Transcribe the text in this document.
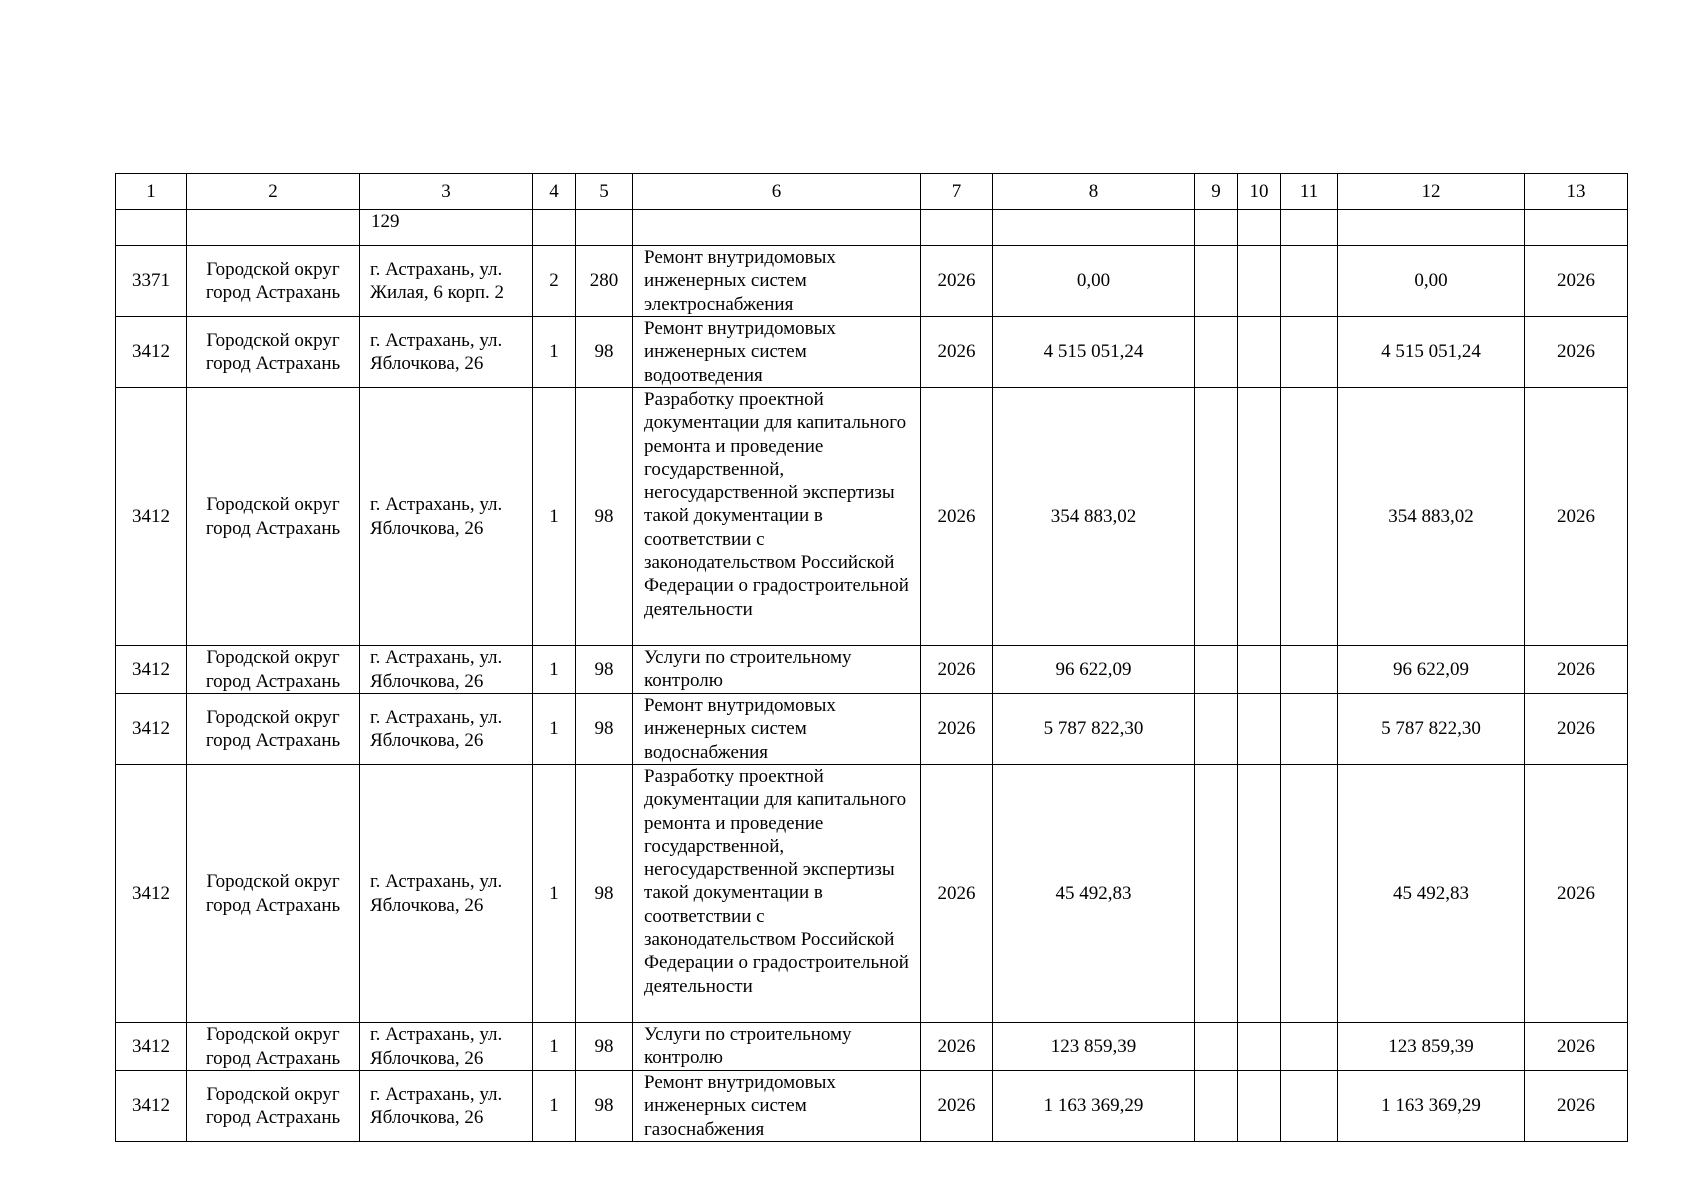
1	2	3	4	5	6	7	8	9	10	11	12	13
		129										
3371	Городской округ город Астрахань	г. Астрахань, ул. Жилая, 6 корп. 2	2	280	Ремонт внутридомовых инженерных систем электроснабжения	2026	0,00				0,00	2026
3412	Городской округ город Астрахань	г. Астрахань, ул. Яблочкова, 26	1	98	Ремонт внутридомовых инженерных систем водоотведения	2026	4 515 051,24				4 515 051,24	2026
3412	Городской округ город Астрахань	г. Астрахань, ул. Яблочкова, 26	1	98	Разработку проектной документации для капитального ремонта и проведение государственной, негосударственной экспертизы такой документации в соответствии с законодательством Российской Федерации о градостроительной деятельности	2026	354 883,02				354 883,02	2026
3412	Городской округ город Астрахань	г. Астрахань, ул. Яблочкова, 26	1	98	Услуги по строительному контролю	2026	96 622,09				96 622,09	2026
3412	Городской округ город Астрахань	г. Астрахань, ул. Яблочкова, 26	1	98	Ремонт внутридомовых инженерных систем водоснабжения	2026	5 787 822,30				5 787 822,30	2026
3412	Городской округ город Астрахань	г. Астрахань, ул. Яблочкова, 26	1	98	Разработку проектной документации для капитального ремонта и проведение государственной, негосударственной экспертизы такой документации в соответствии с законодательством Российской Федерации о градостроительной деятельности	2026	45 492,83				45 492,83	2026
3412	Городской округ город Астрахань	г. Астрахань, ул. Яблочкова, 26	1	98	Услуги по строительному контролю	2026	123 859,39				123 859,39	2026
3412	Городской округ город Астрахань	г. Астрахань, ул. Яблочкова, 26	1	98	Ремонт внутридомовых инженерных систем газоснабжения	2026	1 163 369,29				1 163 369,29	2026
